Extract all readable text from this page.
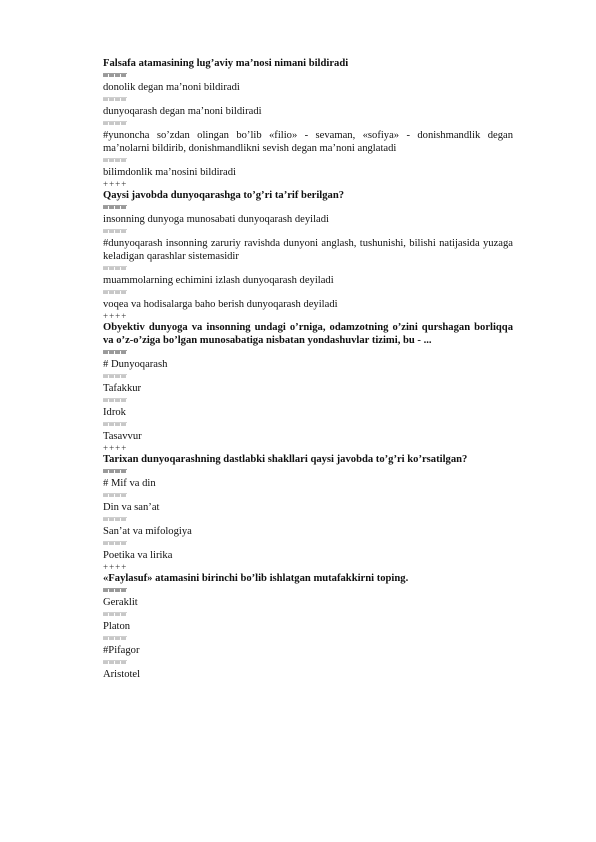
Falsafa atamasining lug’aviy ma’nosi nimani bildiradi

donolik degan ma’noni bildiradi

dunyoqarash degan ma’noni bildiradi

#yunoncha so’zdan olingan bo’lib «filio» - sevaman, «sofiya» - donishmandlik degan ma’nolarni bildirib, donishmandlikni sevish degan ma’noni anglatadi

bilimdonlik ma’nosini bildiradi

++++

Qaysi javobda dunyoqarashga to’g’ri ta’rif berilgan?

insonning dunyoga munosabati dunyoqarash deyiladi

#dunyoqarash insonning zaruriy ravishda dunyoni anglash, tushunishi, bilishi natijasida yuzaga keladigan qarashlar sistemasidir

muammolarning echimini izlash dunyoqarash deyiladi

voqea va hodisalarga baho berish dunyoqarash deyiladi

++++

Obyektiv dunyoga va insonning undagi o’rniga, odamzotning o’zini qurshagan borliqqa va o’z-o’ziga bo’lgan munosabatiga nisbatan yondashuvlar tizimi, bu - ...

# Dunyoqarash

Tafakkur

Idrok

Tasavvur

++++

Tarixan dunyoqarashning dastlabki shakllari qaysi javobda to’g’ri ko’rsatilgan?

# Mif va din

Din va san’at

San’at va mifologiya

Poetika va lirika

++++

«Faylasuf» atamasini birinchi bo’lib ishlatgan mutafakkirni toping.

Geraklit

Platon

#Pifagor

Aristotel
